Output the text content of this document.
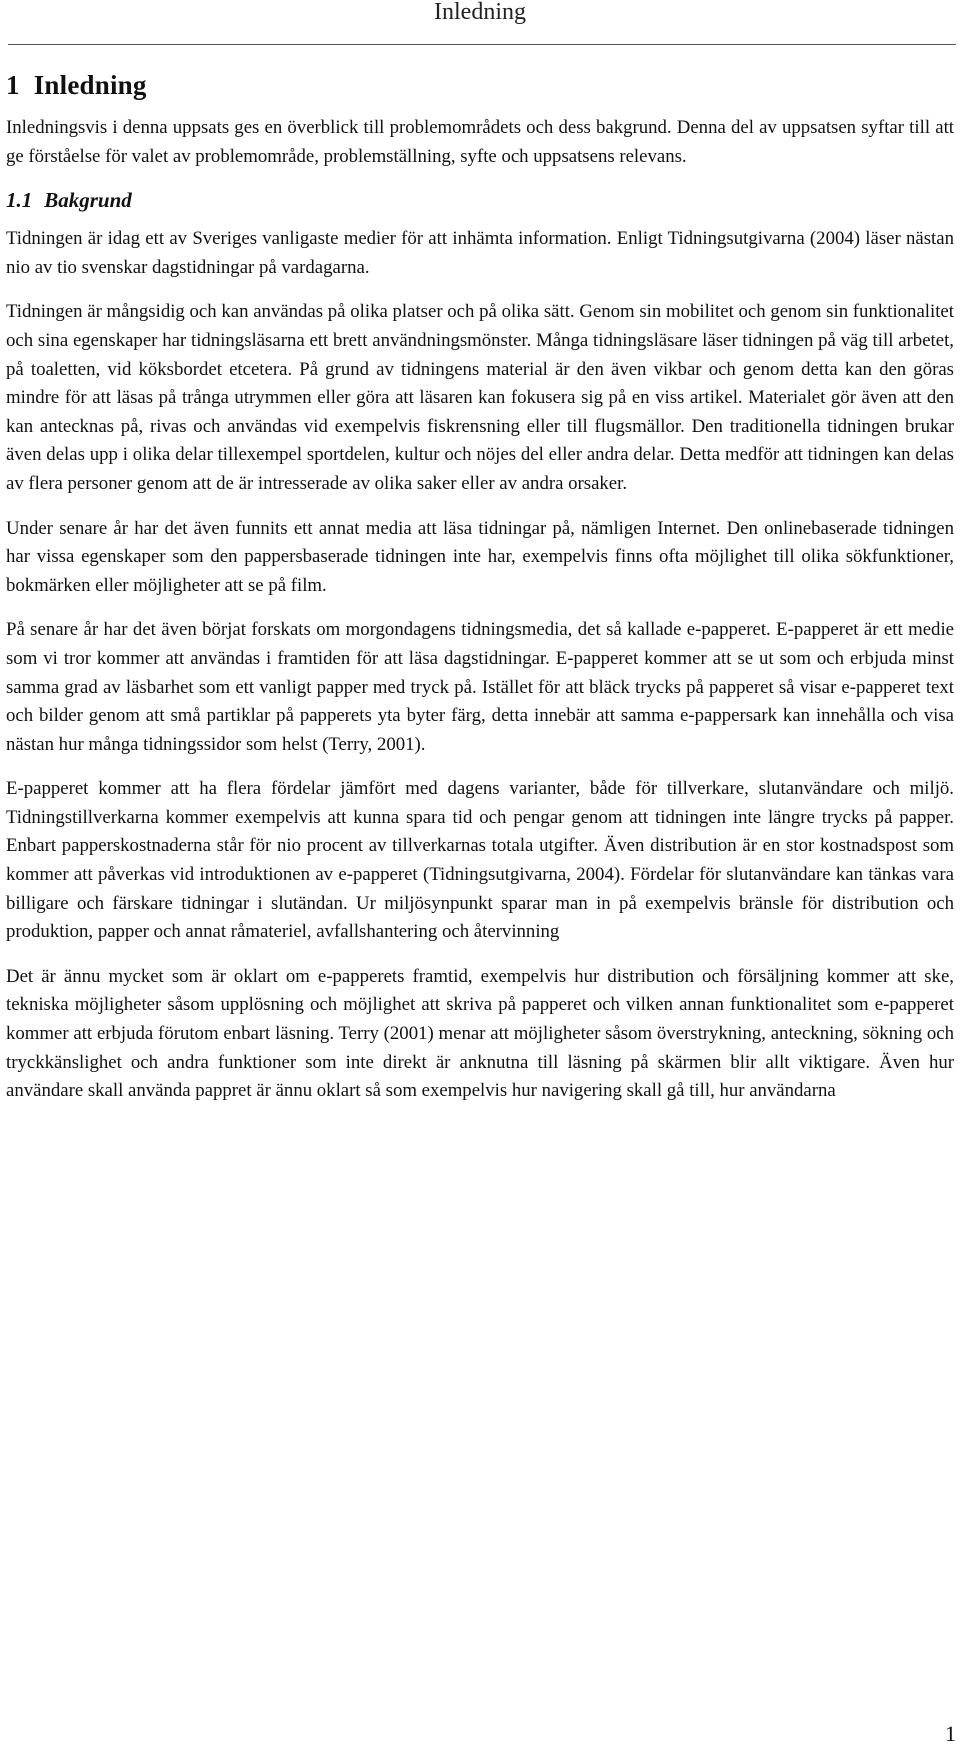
Inledning
1 Inledning

Inledningsvis i denna uppsats ges en överblick till problemområdets och dess bakgrund. Denna del av uppsatsen syftar till att ge förståelse för valet av problemområde, problemställning, syfte och uppsatsens relevans.

1.1 Bakgrund

Tidningen är idag ett av Sveriges vanligaste medier för att inhämta information. Enligt Tidningsutgivarna (2004) läser nästan nio av tio svenskar dagstidningar på vardagarna.

Tidningen är mångsidig och kan användas på olika platser och på olika sätt. Genom sin mobilitet och genom sin funktionalitet och sina egenskaper har tidningsläsarna ett brett användningsmönster. Många tidningsläsare läser tidningen på väg till arbetet, på toaletten, vid köksbordet etcetera. På grund av tidningens material är den även vikbar och genom detta kan den göras mindre för att läsas på trånga utrymmen eller göra att läsaren kan fokusera sig på en viss artikel. Materialet gör även att den kan antecknas på, rivas och användas vid exempelvis fiskrensning eller till flugsmällor. Den traditionella tidningen brukar även delas upp i olika delar tillexempel sportdelen, kultur och nöjes del eller andra delar. Detta medför att tidningen kan delas av flera personer genom att de är intresserade av olika saker eller av andra orsaker.

Under senare år har det även funnits ett annat media att läsa tidningar på, nämligen Internet. Den onlinebaserade tidningen har vissa egenskaper som den pappersbaserade tidningen inte har, exempelvis finns ofta möjlighet till olika sökfunktioner, bokmärken eller möjligheter att se på film.

På senare år har det även börjat forskats om morgondagens tidningsmedia, det så kallade e-papperet. E-papperet är ett medie som vi tror kommer att användas i framtiden för att läsa dagstidningar. E-papperet kommer att se ut som och erbjuda minst samma grad av läsbarhet som ett vanligt papper med tryck på. Istället för att bläck trycks på papperet så visar e-papperet text och bilder genom att små partiklar på papperets yta byter färg, detta innebär att samma e-pappersark kan innehålla och visa nästan hur många tidningssidor som helst (Terry, 2001).

E-papperet kommer att ha flera fördelar jämfört med dagens varianter, både för tillverkare, slutanvändare och miljö. Tidningstillverkarna kommer exempelvis att kunna spara tid och pengar genom att tidningen inte längre trycks på papper. Enbart papperskostnaderna står för nio procent av tillverkarnas totala utgifter. Även distribution är en stor kostnadspost som kommer att påverkas vid introduktionen av e-papperet (Tidningsutgivarna, 2004). Fördelar för slutanvändare kan tänkas vara billigare och färskare tidningar i slutändan. Ur miljösynpunkt sparar man in på exempelvis bränsle för distribution och produktion, papper och annat råmateriel, avfallshantering och återvinning

Det är ännu mycket som är oklart om e-papperets framtid, exempelvis hur distribution och försäljning kommer att ske, tekniska möjligheter såsom upplösning och möjlighet att skriva på papperet och vilken annan funktionalitet som e-papperet kommer att erbjuda förutom enbart läsning. Terry (2001) menar att möjligheter såsom överstrykning, anteckning, sökning och tryckkänslighet och andra funktioner som inte direkt är anknutna till läsning på skärmen blir allt viktigare. Även hur användare skall använda pappret är ännu oklart så som exempelvis hur navigering skall gå till, hur användarna

1
